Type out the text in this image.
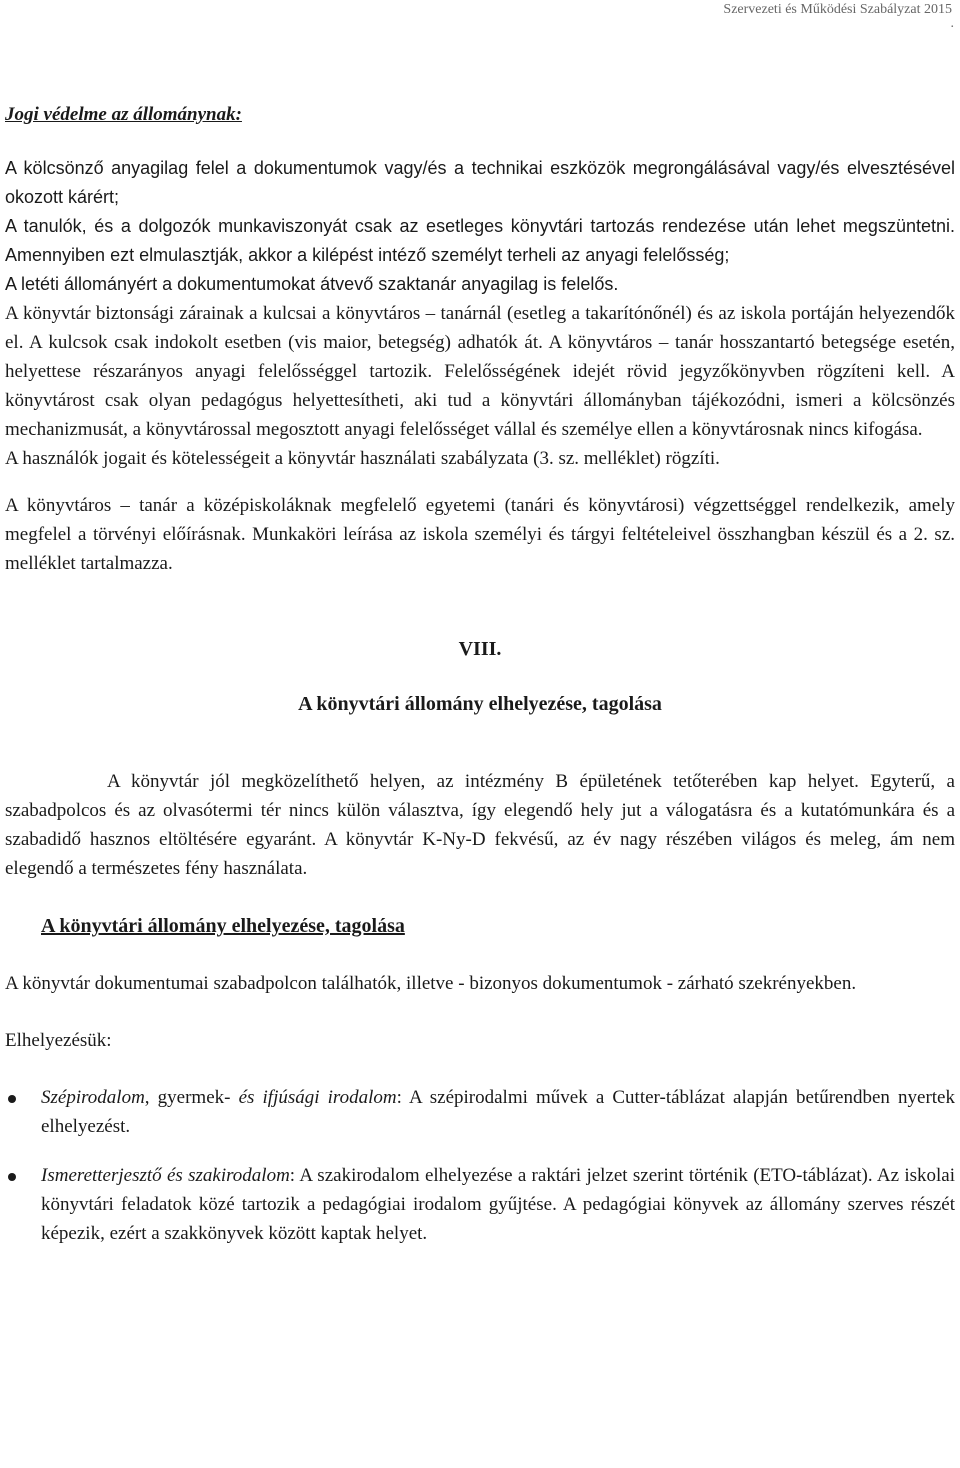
Szervezeti és Működési Szabályzat 2015
.

Jogi védelme az állománynak:

A kölcsönző anyagilag felel a dokumentumok vagy/és a technikai eszközök megrongálásával vagy/és elvesztésével okozott kárért;
A tanulók, és a dolgozók munkaviszonyát csak az esetleges könyvtári tartozás rendezése után lehet megszüntetni. Amennyiben ezt elmulasztják, akkor a kilépést intéző személyt terheli az anyagi felelősség;
A letéti állományért a dokumentumokat átvevő szaktanár anyagilag is felelős.

A könyvtár biztonsági zárainak a kulcsai a könyvtáros – tanárnál (esetleg a takarítónőnél) és az iskola portáján helyezendők el. A kulcsok csak indokolt esetben (vis maior, betegség) adhatók át. A könyvtáros – tanár hosszantartó betegsége esetén, helyettese részarányos anyagi felelősséggel tartozik. Felelősségének idejét rövid jegyzőkönyvben rögzíteni kell. A könyvtárost csak olyan pedagógus helyettesítheti, aki tud a könyvtári állományban tájékozódni, ismeri a kölcsönzés mechanizmusát, a könyvtárossal megosztott anyagi felelősséget vállal és személye ellen a könyvtárosnak nincs kifogása.

A használók jogait és kötelességeit a könyvtár használati szabályzata (3. sz. melléklet) rögzíti.

A könyvtáros – tanár a középiskoláknak megfelelő egyetemi (tanári és könyvtárosi) végzettséggel rendelkezik, amely megfelel a törvényi előírásnak. Munkaköri leírása az iskola személyi és tárgyi feltételeivel összhangban készül és a 2. sz. melléklet tartalmazza.

VIII.

A könyvtári állomány elhelyezése, tagolása

A könyvtár jól megközelíthető helyen, az intézmény B épületének tetőterében kap helyet. Egyterű, a szabadpolcos és az olvasótermi tér nincs külön választva, így elegendő hely jut a válogatásra és a kutatómunkára és a szabadidő hasznos eltöltésére egyaránt. A könyvtár K-Ny-D fekvésű, az év nagy részében világos és meleg, ám nem elegendő a természetes fény használata.

A könyvtári állomány elhelyezése, tagolása

A könyvtár dokumentumai szabadpolcon találhatók, illetve - bizonyos dokumentumok - zárható szekrényekben.

Elhelyezésük:

Szépirodalom, gyermek- és ifjúsági irodalom: A szépirodalmi művek a Cutter-táblázat alapján betűrendben nyertek elhelyezést.
Ismeretterjesztő és szakirodalom: A szakirodalom elhelyezése a raktári jelzet szerint történik (ETO-táblázat). Az iskolai könyvtári feladatok közé tartozik a pedagógiai irodalom gyűjtése. A pedagógiai könyvek az állomány szerves részét képezik, ezért a szakkönyvek között kaptak helyet.
